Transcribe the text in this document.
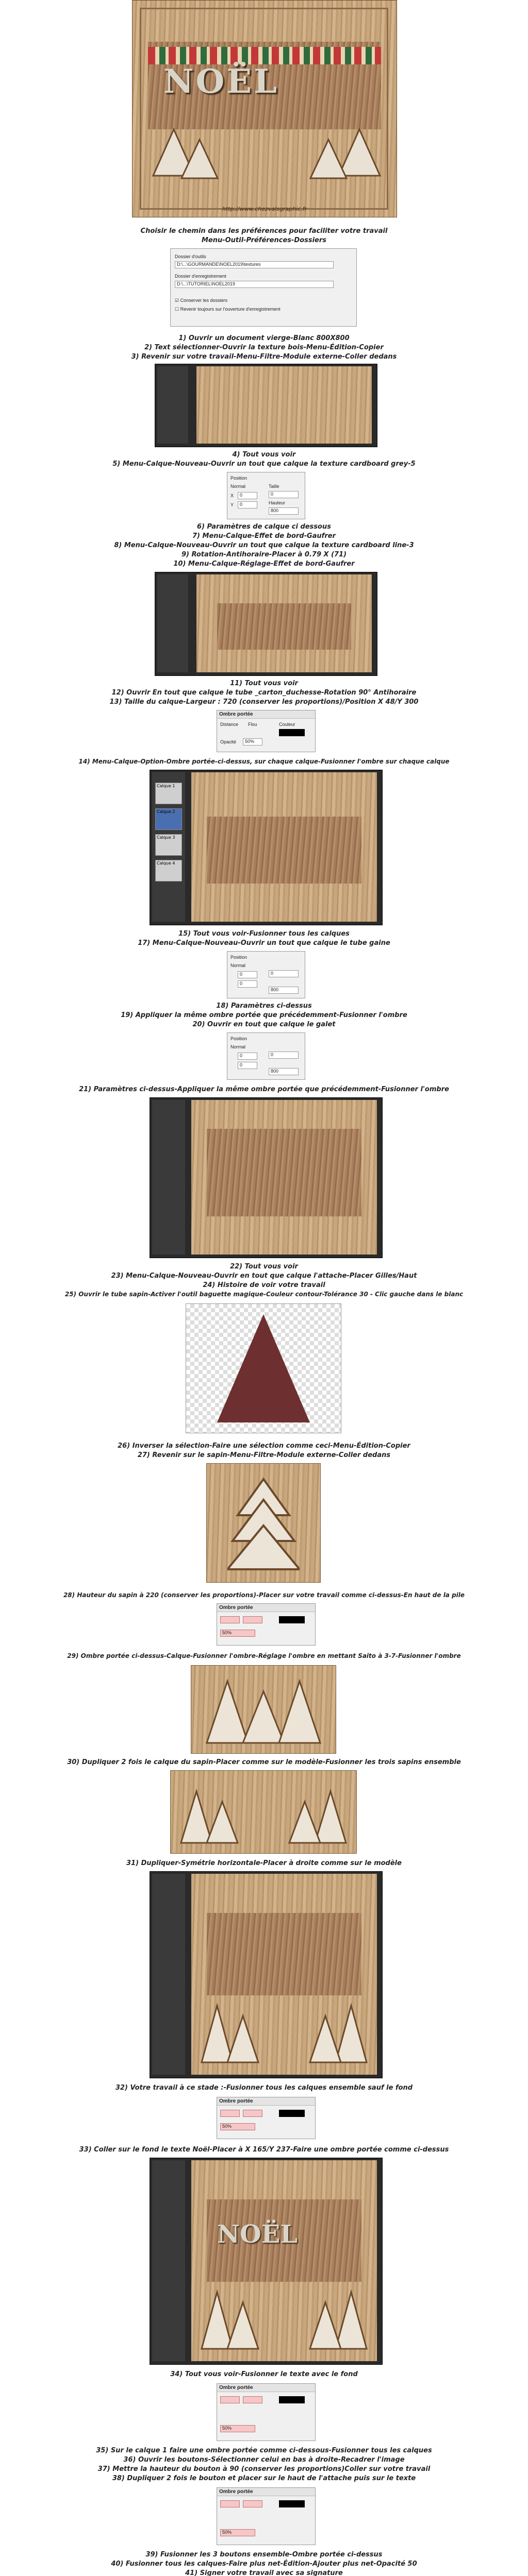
NOËL
http://www.chezvalsgraphic.fr
Choisir le chemin dans les préférences pour faciliter votre travail
Menu-Outil-Préférences-Dossiers
Dossier d'outils
D:\...\GOURMANDE\NOEL2019\textures
Dossier d'enregistrement
D:\...\TUTORIEL\NOEL2019
☑ Conserver les dossiers
☐ Revenir toujours sur l'ouverture d'enregistrement
1) Ouvrir un document vierge-Blanc 800X800
2) Text sélectionner-Ouvrir la texture bois-Menu-Édition-Copier
3) Revenir sur votre travail-Menu-Filtre-Module externe-Coller dedans
4) Tout vous voir
5) Menu-Calque-Nouveau-Ouvrir un tout que calque la texture cardboard grey-5
Position
Normal
X	0
Y	0
Taille
0
Hauteur
800
6) Paramètres de calque ci dessous
7) Menu-Calque-Effet de bord-Gaufrer
8) Menu-Calque-Nouveau-Ouvrir un tout que calque la texture cardboard line-3
9) Rotation-Antihoraire-Placer à 0.79 X (71)
10) Menu-Calque-Réglage-Effet de bord-Gaufrer
11) Tout vous voir
12) Ouvrir En tout que calque le tube _carton_duchesse-Rotation 90° Antihoraire
13) Taille du calque-Largeur : 720 (conserver les proportions)/Position X 48/Y 300
Ombre portée
Distance Flou	Couleur
Opacité	50%
14) Menu-Calque-Option-Ombre portée-ci-dessus, sur chaque calque-Fusionner l'ombre sur chaque calque
Calque 1
Calque 2
Calque 3
Calque 4
15) Tout vous voir-Fusionner tous les calques
17) Menu-Calque-Nouveau-Ouvrir un tout que calque le tube gaine
Position
Normal
0
0
0
800
18) Paramètres ci-dessus
19) Appliquer la même ombre portée que précédemment-Fusionner l'ombre
20) Ouvrir en tout que calque le galet
Position
Normal
0
0
0
800
21) Paramètres ci-dessus-Appliquer la même ombre portée que précédemment-Fusionner l'ombre
22) Tout vous voir
23) Menu-Calque-Nouveau-Ouvrir en tout que calque l'attache-Placer Gilles/Haut
24) Histoire de voir votre travail
25) Ouvrir le tube sapin-Activer l'outil baguette magique-Couleur contour-Tolérance 30 - Clic gauche dans le blanc
26) Inverser la sélection-Faire une sélection comme ceci-Menu-Édition-Copier
27) Revenir sur le sapin-Menu-Filtre-Module externe-Coller dedans
28) Hauteur du sapin à 220 (conserver les proportions)-Placer sur votre travail comme ci-dessus-En haut de la pile
Ombre portée
50%
29) Ombre portée ci-dessus-Calque-Fusionner l'ombre-Réglage l'ombre en mettant Saito à 3-7-Fusionner l'ombre
30) Dupliquer 2 fois le calque du sapin-Placer comme sur le modèle-Fusionner les trois sapins ensemble
31) Dupliquer-Symétrie horizontale-Placer à droite comme sur le modèle
32) Votre travail à ce stade :-Fusionner tous les calques ensemble sauf le fond
Ombre portée
50%
33) Coller sur le fond le texte Noël-Placer à X 165/Y 237-Faire une ombre portée comme ci-dessus
NOËL
34) Tout vous voir-Fusionner le texte avec le fond
Ombre portée
50%
35) Sur le calque 1 faire une ombre portée comme ci-dessous-Fusionner tous les calques
36) Ouvrir les boutons-Sélectionner celui en bas à droite-Recadrer l'image
37) Mettre la hauteur du bouton à 90 (conserver les proportions)Coller sur votre travail
38) Dupliquer 2 fois le bouton et placer sur le haut de l'attache puis sur le texte
Ombre portée
50%
39) Fusionner les 3 boutons ensemble-Ombre portée ci-dessus
40) Fusionner tous les calques-Faire plus net-Édition-Ajouter plus net-Opacité 50
41) Signer votre travail avec sa signature
